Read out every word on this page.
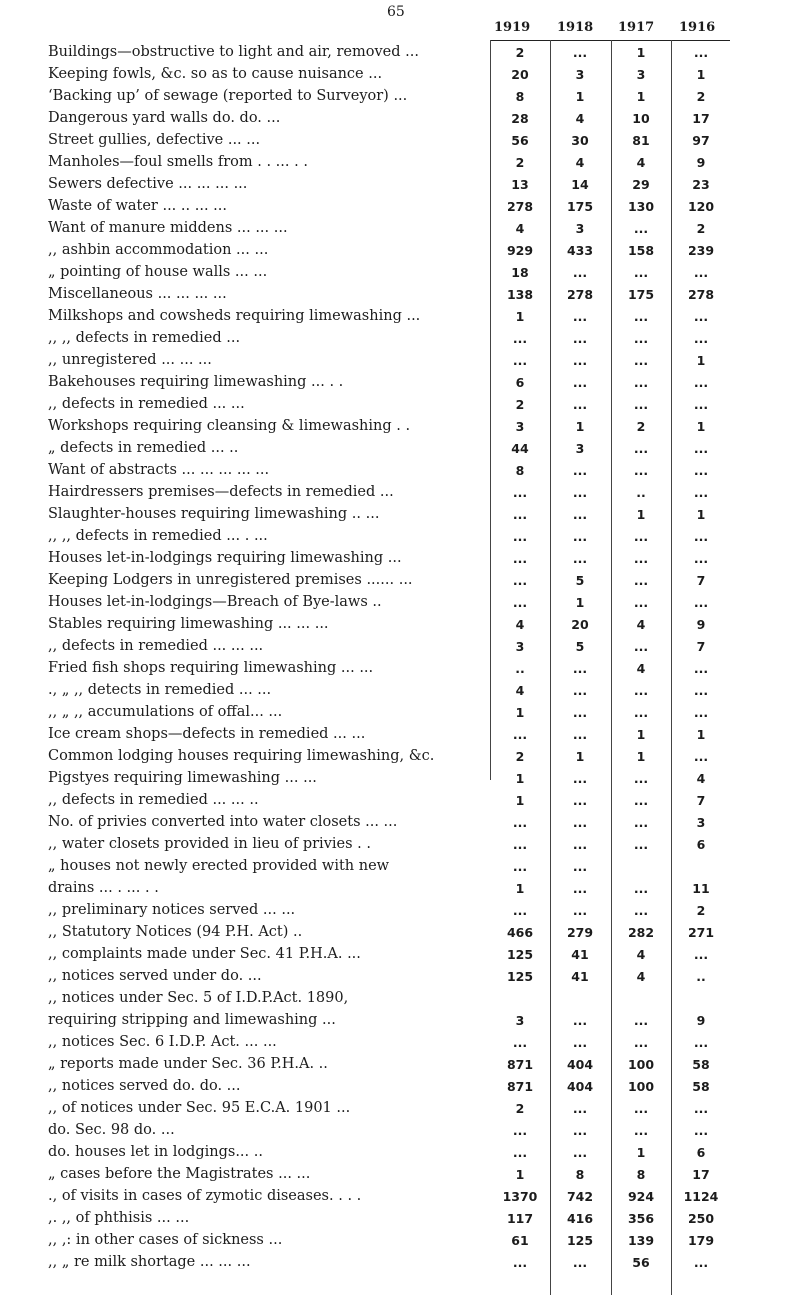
65
1919 1918 1917 1916
Buildings—obstructive to light and air, removed ...	2	...	1	...
Keeping fowls, &c. so as to cause nuisance ...	20	3	3	1
‘Backing up’ of sewage (reported to Surveyor) ...	8	1	1	2
Dangerous yard walls do. do. ...	28	4	10	17
Street gullies, defective ... ...	56	30	81	97
Manholes—foul smells from . . ... . .	2	4	4	9
Sewers defective ... ... ... ...	13	14	29	23
Waste of water ... .. ... ...	278	175	130	120
Want of manure middens ... ... ...	4	3	...	2
,, ashbin accommodation ... ...	929	433	158	239
„ pointing of house walls ... ...	18	...	...	...
Miscellaneous ... ... ... ...	138	278	175	278
Milkshops and cowsheds requiring limewashing ...	1	...	...	...
,, ,, defects in remedied ...	...	...	...	...
,, unregistered ... ... ...	...	...	...	1
Bakehouses requiring limewashing ... . .	6	...	...	...
,, defects in remedied ... ...	2	...	...	...
Workshops requiring cleansing & limewashing . .	3	1	2	1
„ defects in remedied ... ..	44	3	...	...
Want of abstracts ... ... ... ... ...	8	...	...	...
Hairdressers premises—defects in remedied ...	...	...	..	...
Slaughter-houses requiring limewashing .. ...	...	...	1	1
,, ,, defects in remedied ... . ...	...	...	...	...
Houses let-in-lodgings requiring limewashing ...	...	...	...	...
Keeping Lodgers in unregistered premises ...... ...	...	5	...	7
Houses let-in-lodgings—Breach of Bye-laws ..	...	1	...	...
Stables requiring limewashing ... ... ...	4	20	4	9
,, defects in remedied ... ... ...	3	5	...	7
Fried fish shops requiring limewashing ... ...	..	...	4	...
., „ ,, detects in remedied ... ...	4	...	...	...
,, „ ,, accumulations of offal... ...	1	...	...	...
Ice cream shops—defects in remedied ... ...	...	...	1	1
Common lodging houses requiring limewashing, &c.	2	1	1	...
Pigstyes requiring limewashing ... ...	1	...	...	4
,, defects in remedied ... ... ..	1	...	...	7
No. of privies converted into water closets ... ...	...	...	...	3
,, water closets provided in lieu of privies . .	...	...	...	6
„ houses not newly erected provided with new	...	...
drains ... . ... . .	1	...	...	11
,, preliminary notices served ... ...	...	...	...	2
,, Statutory Notices (94 P.H. Act) ..	466	279	282	271
,, complaints made under Sec. 41 P.H.A. ...	125	41	4	...
,, notices served under do. ...	125	41	4	..
,, notices under Sec. 5 of I.D.P.Act. 1890,
requiring stripping and limewashing ...	3	...	...	9
,, notices Sec. 6 I.D.P. Act. ... ...	...	...	...	...
„ reports made under Sec. 36 P.H.A. ..	871	404	100	58
,, notices served do. do. ...	871	404	100	58
,, of notices under Sec. 95 E.C.A. 1901 ...	2	...	...	...
do. Sec. 98 do. ...	...	...	...	...
do. houses let in lodgings... ..	...	...	1	6
„ cases before the Magistrates ... ...	1	8	8	17
., of visits in cases of zymotic diseases. . . .	1370	742	924	1124
,. ,, of phthisis ... ...	117	416	356	250
,, ,: in other cases of sickness ...	61	125	139	179
,, „ re milk shortage ... ... ...	...	...	56	...
